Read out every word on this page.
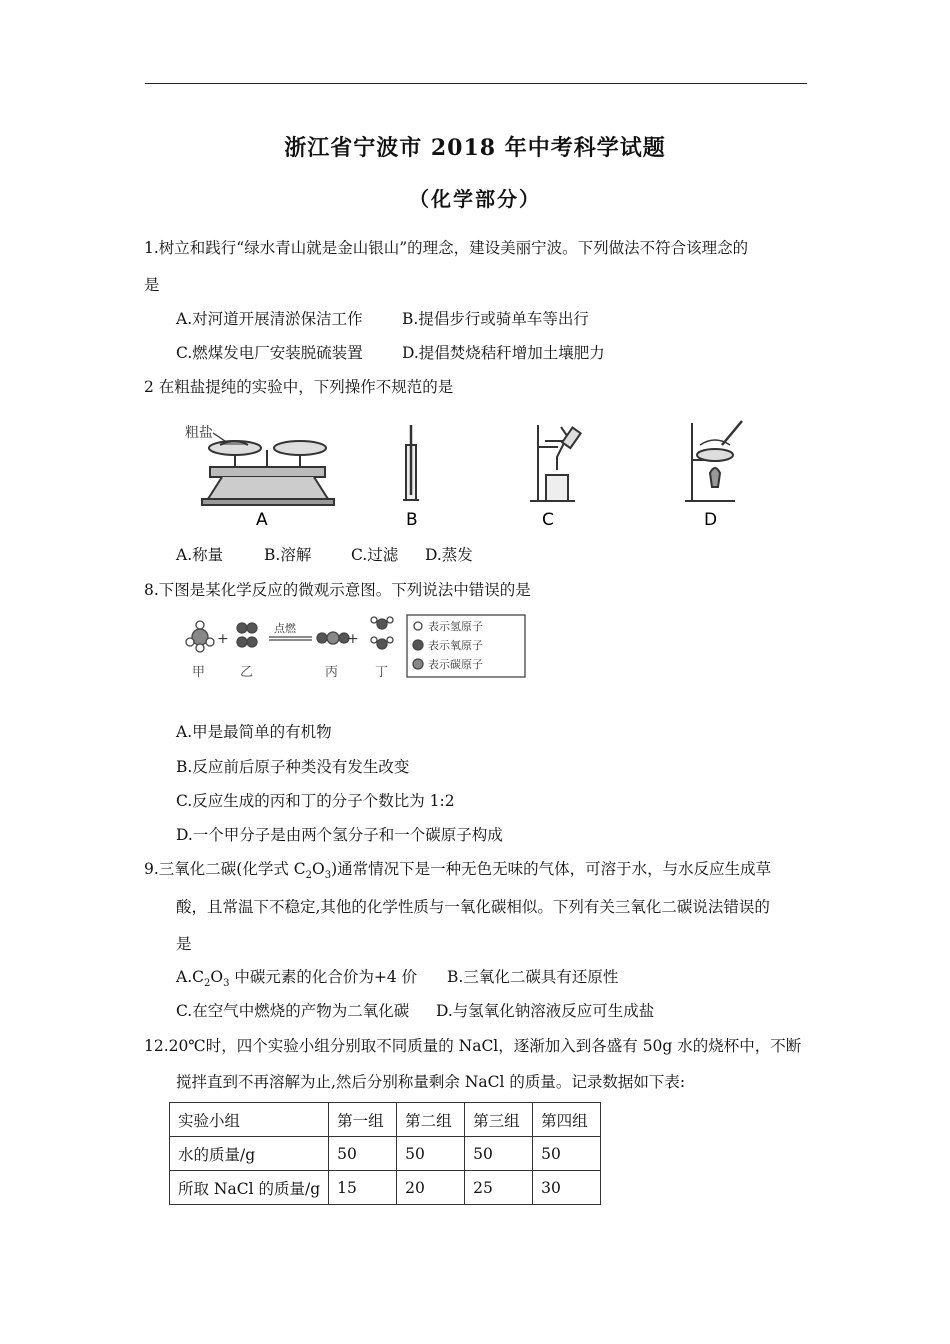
浙江省宁波市 2018 年中考科学试题
（化学部分）
1.树立和践行“绿水青山就是金山银山”的理念，建设美丽宁波。下列做法不符合该理念的
是
A.对河道开展清淤保洁工作	B.提倡步行或骑单车等出行
C.燃煤发电厂安装脱硫装置	D.提倡焚烧秸秆增加土壤肥力
2 在粗盐提纯的实验中，下列操作不规范的是
粗盐
A	B	C	D
A.称量	B.溶解	C.过滤 D.蒸发
8.下图是某化学反应的微观示意图。下列说法中错误的是
+	+
点燃
甲	乙	丙	丁
表示氢原子
表示氧原子
表示碳原子
A.甲是最简单的有机物
B.反应前后原子种类没有发生改变
C.反应生成的丙和丁的分子个数比为 1:2
D.一个甲分子是由两个氢分子和一个碳原子构成
9.三氧化二碳(化学式 $C_2O_3$)通常情况下是一种无色无味的气体，可溶于水，与水反应生成草
酸，且常温下不稳定,其他的化学性质与一氧化碳相似。下列有关三氧化二碳说法错误的
是
$A.C_2O_3$ 中碳元素的化合价为+4 价 B.三氧化二碳具有还原性
C.在空气中燃烧的产物为二氧化碳 D.与氢氧化钠溶液反应可生成盐
12.20℃时，四个实验小组分别取不同质量的 NaCl，逐渐加入到各盛有 50g 水的烧杯中，不断
搅拌直到不再溶解为止,然后分别称量剩余 NaCl 的质量。记录数据如下表:
实验小组	第一组	第二组	第三组	第四组
水的质量/g	50	50	50	50
所取 NaCl 的质量/g	15	20	25	30
